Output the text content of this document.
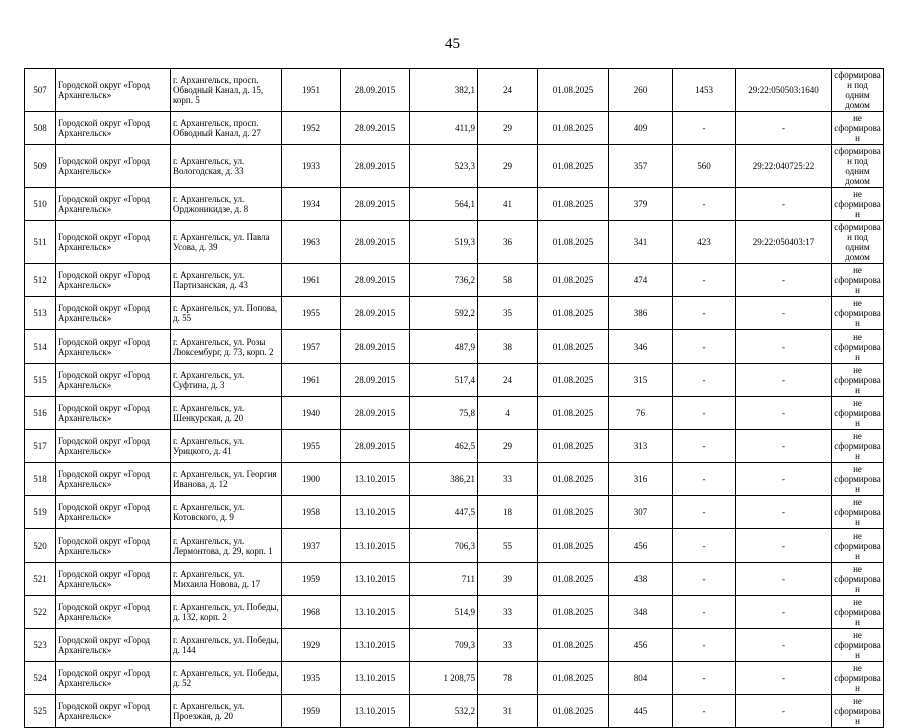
45
507	Городской округ «Город Архангельск»	г. Архангельск, просп. Обводный Канал, д. 15, корп. 5	1951	28.09.2015	382,1	24	01.08.2025	260	1453	29:22:050503:1640	сформирован под одним домом
508	Городской округ «Город Архангельск»	г. Архангельск, просп. Обводный Канал, д. 27	1952	28.09.2015	411,9	29	01.08.2025	409	-	-	не сформирован
509	Городской округ «Город Архангельск»	г. Архангельск, ул. Вологодская, д. 33	1933	28.09.2015	523,3	29	01.08.2025	357	560	29:22:040725:22	сформирован под одним домом
510	Городской округ «Город Архангельск»	г. Архангельск, ул. Орджоникидзе, д. 8	1934	28.09.2015	564,1	41	01.08.2025	379	-	-	не сформирован
511	Городской округ «Город Архангельск»	г. Архангельск, ул. Павла Усова, д. 39	1963	28.09.2015	519,3	36	01.08.2025	341	423	29:22:050403:17	сформирован под одним домом
512	Городской округ «Город Архангельск»	г. Архангельск, ул. Партизанская, д. 43	1961	28.09.2015	736,2	58	01.08.2025	474	-	-	не сформирован
513	Городской округ «Город Архангельск»	г. Архангельск, ул. Попова, д. 55	1955	28.09.2015	592,2	35	01.08.2025	386	-	-	не сформирован
514	Городской округ «Город Архангельск»	г. Архангельск, ул. Розы Люксембург, д. 73, корп. 2	1957	28.09.2015	487,9	38	01.08.2025	346	-	-	не сформирован
515	Городской округ «Город Архангельск»	г. Архангельск, ул. Суфтина, д. 3	1961	28.09.2015	517,4	24	01.08.2025	315	-	-	не сформирован
516	Городской округ «Город Архангельск»	г. Архангельск, ул. Шенкурская, д. 20	1940	28.09.2015	75,8	4	01.08.2025	76	-	-	не сформирован
517	Городской округ «Город Архангельск»	г. Архангельск, ул. Урицкого, д. 41	1955	28.09.2015	462,5	29	01.08.2025	313	-	-	не сформирован
518	Городской округ «Город Архангельск»	г. Архангельск, ул. Георгия Иванова, д. 12	1900	13.10.2015	386,21	33	01.08.2025	316	-	-	не сформирован
519	Городской округ «Город Архангельск»	г. Архангельск, ул. Котовского, д. 9	1958	13.10.2015	447,5	18	01.08.2025	307	-	-	не сформирован
520	Городской округ «Город Архангельск»	г. Архангельск, ул. Лермонтова, д. 29, корп. 1	1937	13.10.2015	706,3	55	01.08.2025	456	-	-	не сформирован
521	Городской округ «Город Архангельск»	г. Архангельск, ул. Михаила Новова, д. 17	1959	13.10.2015	711	39	01.08.2025	438	-	-	не сформирован
522	Городской округ «Город Архангельск»	г. Архангельск, ул. Победы, д. 132, корп. 2	1968	13.10.2015	514,9	33	01.08.2025	348	-	-	не сформирован
523	Городской округ «Город Архангельск»	г. Архангельск, ул. Победы, д. 144	1929	13.10.2015	709,3	33	01.08.2025	456	-	-	не сформирован
524	Городской округ «Город Архангельск»	г. Архангельск, ул. Победы, д. 52	1935	13.10.2015	1 208,75	78	01.08.2025	804	-	-	не сформирован
525	Городской округ «Город Архангельск»	г. Архангельск, ул. Проезжая, д. 20	1959	13.10.2015	532,2	31	01.08.2025	445	-	-	не сформирован
